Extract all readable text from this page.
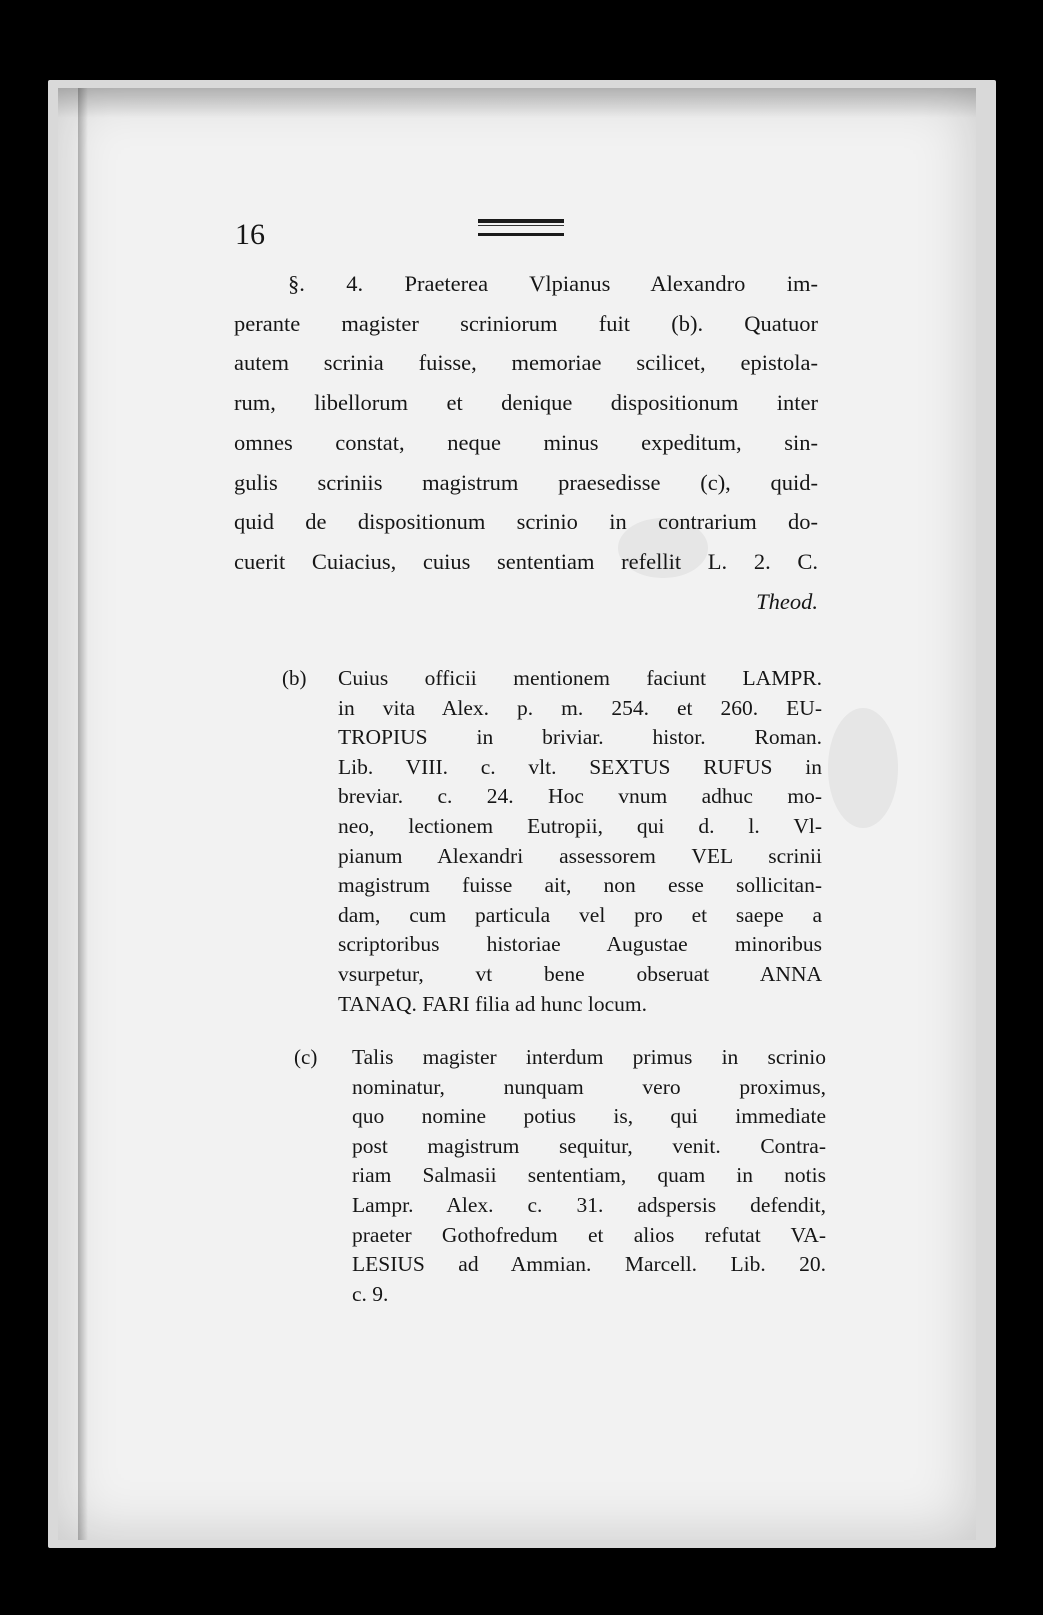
16
§. 4. Praeterea Vlpianus Alexandro im-
perante magister scriniorum fuit (b). Quatuor
autem scrinia fuisse, memoriae scilicet, epistola-
rum, libellorum et denique dispositionum inter
omnes constat, neque minus expeditum, sin-
gulis scriniis magistrum praesedisse (c), quid-
quid de dispositionum scrinio in contrarium do-
cuerit Cuiacius, cuius sententiam refellit L. 2. C.
Theod.
(b) Cuius officii mentionem faciunt LAMPR.
in vita Alex. p. m. 254. et 260. EU-
TROPIUS in briviar. histor. Roman.
Lib. VIII. c. vlt. SEXTUS RUFUS in
breviar. c. 24. Hoc vnum adhuc mo-
neo, lectionem Eutropii, qui d. l. Vl-
pianum Alexandri assessorem VEL scrinii
magistrum fuisse ait, non esse sollicitan-
dam, cum particula vel pro et saepe a
scriptoribus historiae Augustae minoribus
vsurpetur, vt bene obseruat ANNA
TANAQ. FARI filia ad hunc locum.
(c) Talis magister interdum primus in scrinio
nominatur, nunquam vero proximus,
quo nomine potius is, qui immediate
post magistrum sequitur, venit. Contra-
riam Salmasii sententiam, quam in notis
Lampr. Alex. c. 31. adspersis defendit,
praeter Gothofredum et alios refutat VA-
LESIUS ad Ammian. Marcell. Lib. 20.
c. 9.
